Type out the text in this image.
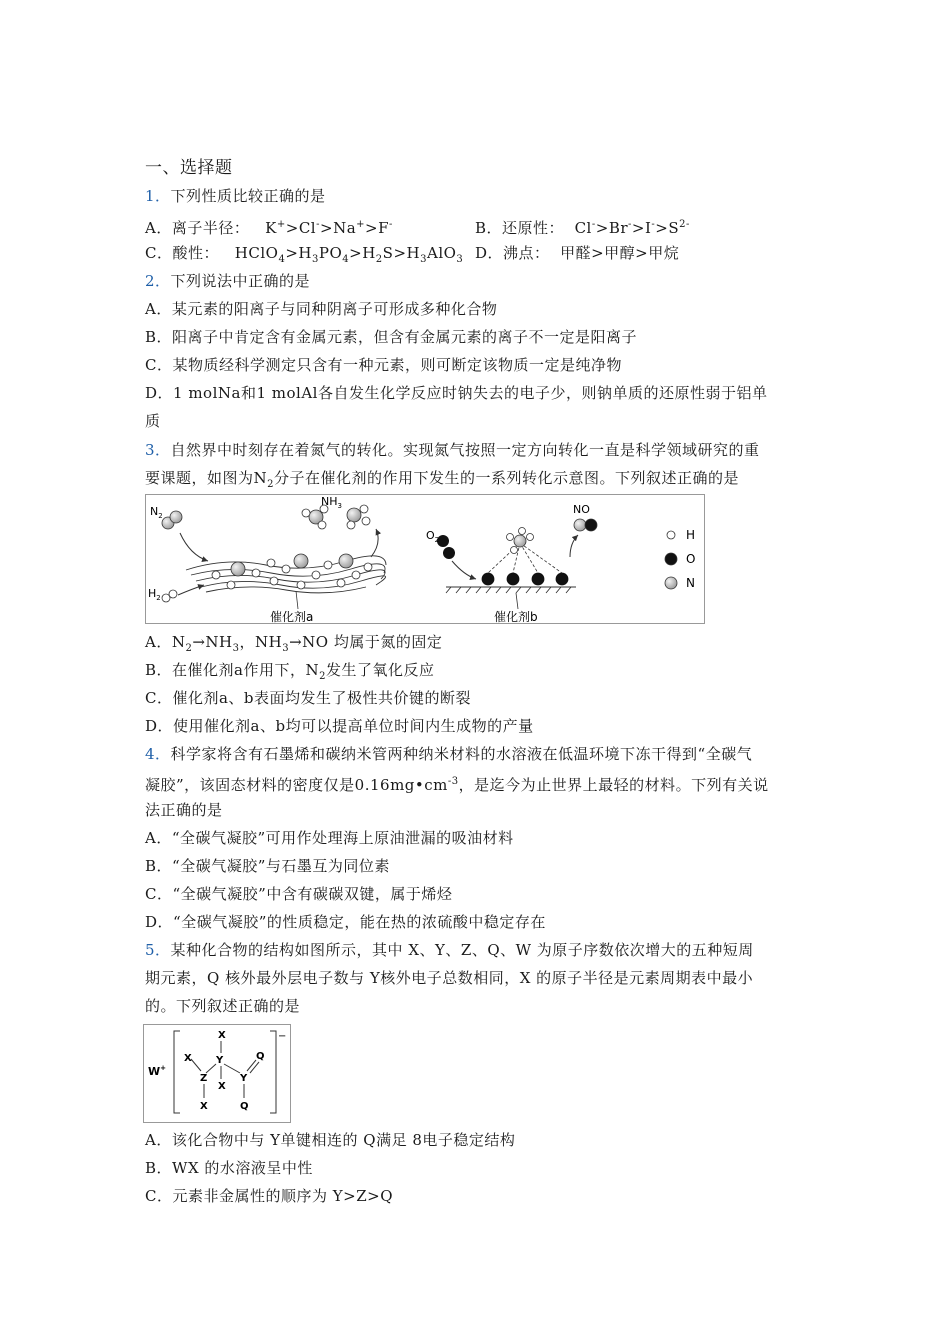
一、选择题
1．下列性质比较正确的是
A．离子半径：   K+>Cl->Na+>F-	B．还原性： $Cl^->Br^->I^->S^{2-}$
C．酸性：   $HClO_4>H_3PO_4>H_2S>H_3AlO_3$ D．沸点： 甲醛>甲醇>甲烷
2．下列说法中正确的是
A．某元素的阳离子与同种阴离子可形成多种化合物
B．阳离子中肯定含有金属元素，但含有金属元素的离子不一定是阳离子
C．某物质经科学测定只含有一种元素，则可断定该物质一定是纯净物
D．1 molNa和1 molAl各自发生化学反应时钠失去的电子少，则钠单质的还原性弱于铝单
质
3．自然界中时刻存在着氮气的转化。实现氮气按照一定方向转化一直是科学领域研究的重
要课题，如图为$N_2$分子在催化剂的作用下发生的一系列转化示意图。下列叙述正确的是
$N_2$
$H_2$
$NH_3$
催化剂a
$O_2$
NO
催化剂b
H
O
N
A．$N_2\to NH_3$，$NH_3\to NO$ 均属于氮的固定
B．在催化剂a作用下，$N_2$发生了氧化反应
C．催化剂a、b表面均发生了极性共价键的断裂
D．使用催化剂a、b均可以提高单位时间内生成物的产量
4．科学家将含有石墨烯和碳纳米管两种纳米材料的水溶液在低温环境下冻干得到“全碳气
凝胶”，该固态材料的密度仅是$0.16mg•cm^{-3}$，是迄今为止世界上最轻的材料。下列有关说
法正确的是
A．“全碳气凝胶”可用作处理海上原油泄漏的吸油材料
B．“全碳气凝胶”与石墨互为同位素
C．“全碳气凝胶”中含有碳碳双键，属于烯烃
D．“全碳气凝胶”的性质稳定，能在热的浓硫酸中稳定存在
5．某种化合物的结构如图所示，其中 X、Y、Z、Q、W 为原子序数依次增大的五种短周
期元素，Q 核外最外层电子数与 Y核外电子总数相同，X 的原子半径是元素周期表中最小
的。下列叙述正确的是
W+
−
X
X Y
Z
X
Y
Q
Q
X
A．该化合物中与 Y单键相连的 Q满足 8电子稳定结构
B．WX 的水溶液呈中性
C．元素非金属性的顺序为 Y>Z>Q
